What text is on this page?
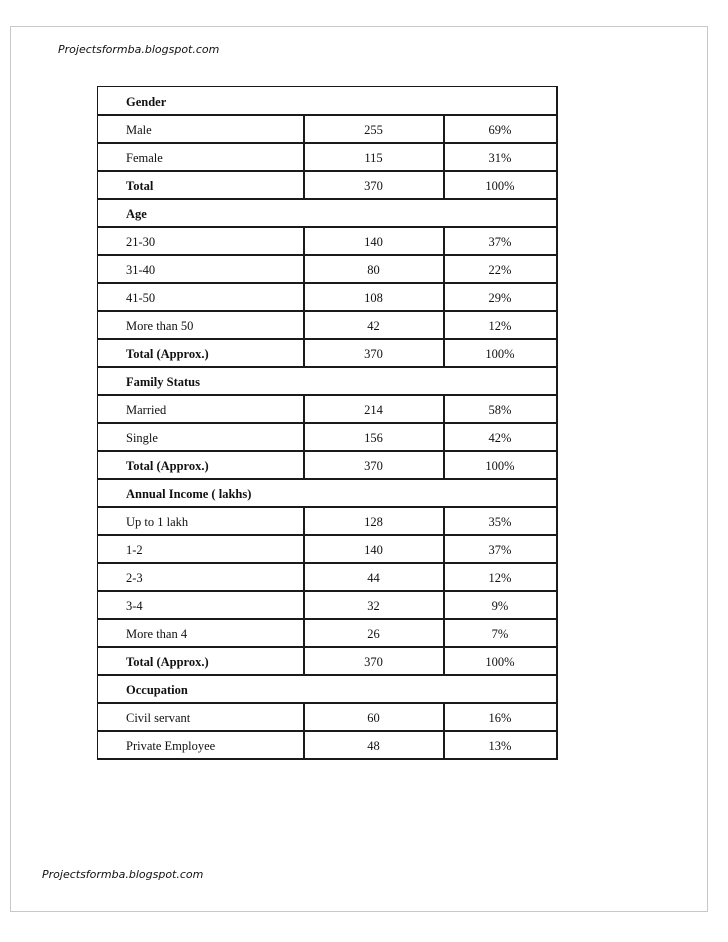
Projectsformba.blogspot.com
Gender		
Male	255	69%
Female	115	31%
Total	370	100%
Age		
21-30	140	37%
31-40	80	22%
41-50	108	29%
More than 50	42	12%
Total (Approx.)	370	100%
Family Status		
Married	214	58%
Single	156	42%
Total (Approx.)	370	100%
Annual Income ( lakhs)		
Up to 1 lakh	128	35%
1-2	140	37%
2-3	44	12%
3-4	32	9%
More than 4	26	7%
Total (Approx.)	370	100%
Occupation		
Civil servant	60	16%
Private Employee	48	13%
Projectsformba.blogspot.com
